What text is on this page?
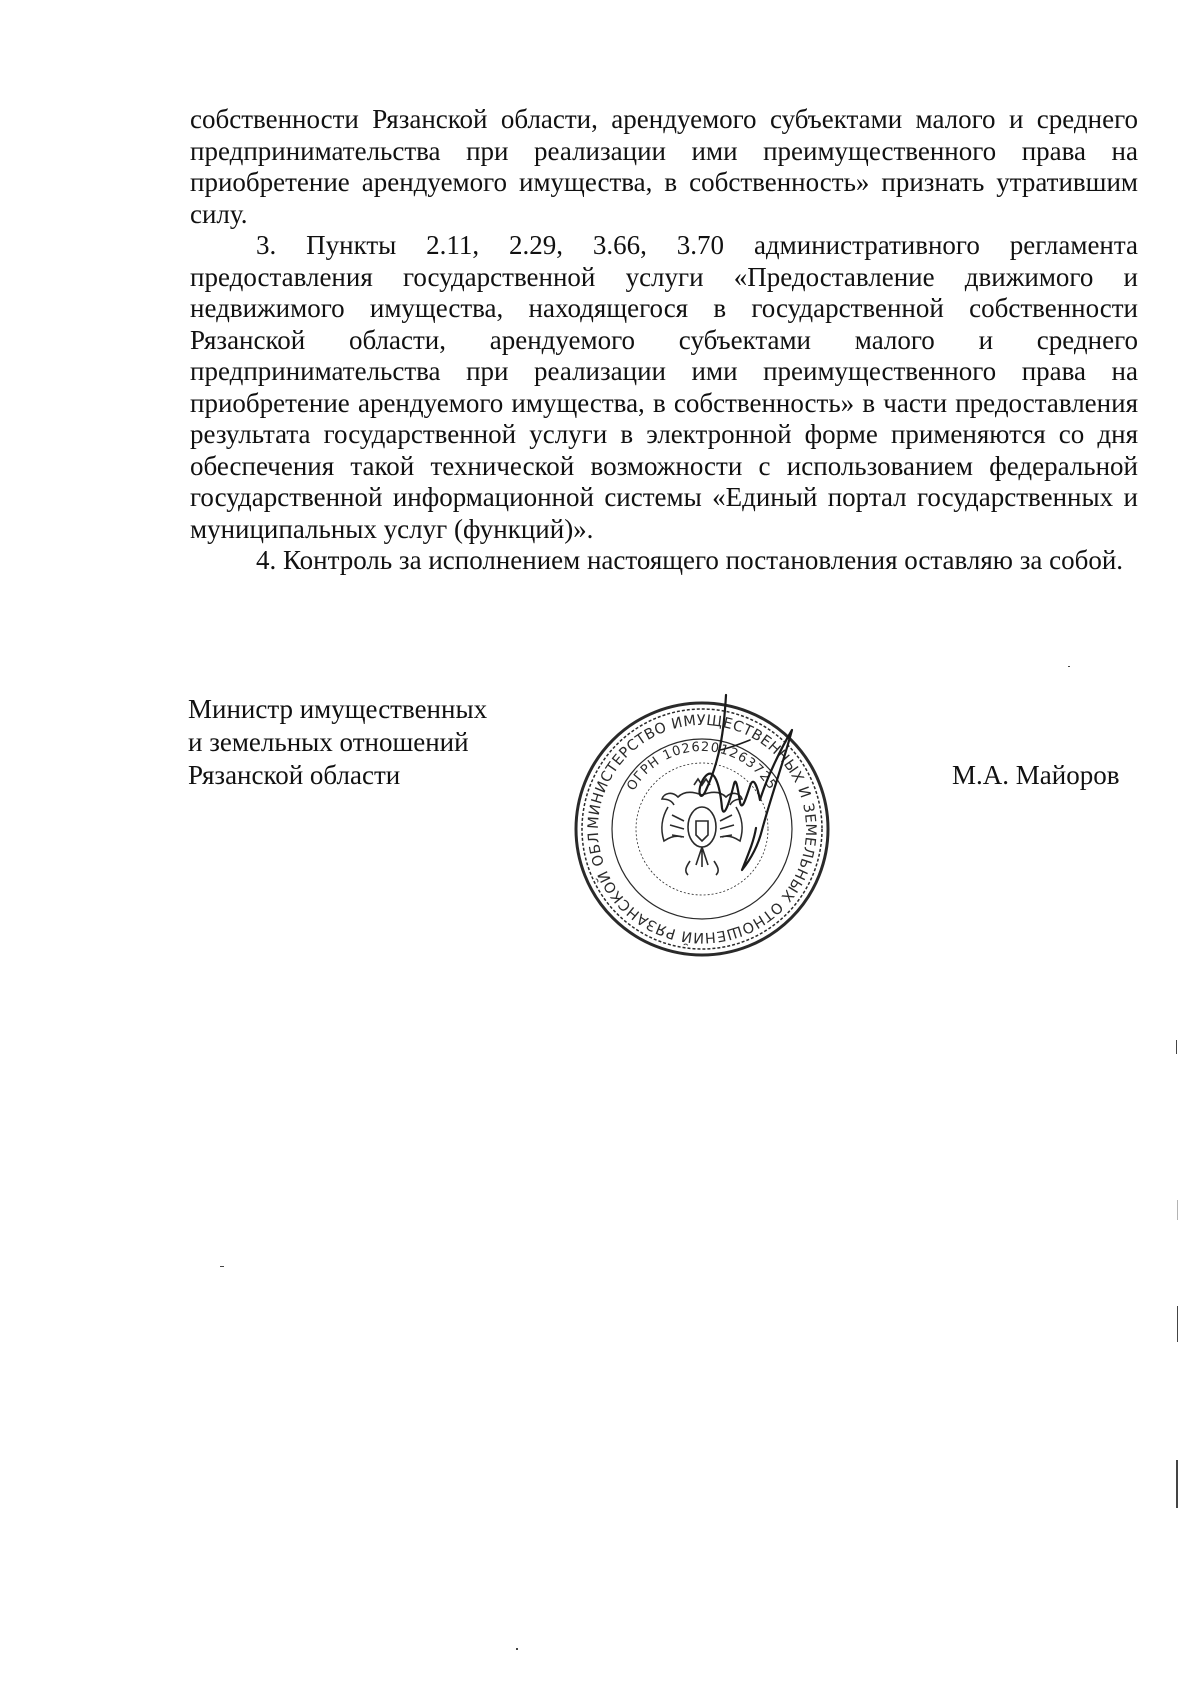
собственности Рязанской области, арендуемого субъектами малого и среднего предпринимательства при реализации ими преимущественного права на приобретение арендуемого имущества, в собственность» признать утратившим силу.

3. Пункты 2.11, 2.29, 3.66, 3.70 административного регламента предоставления государственной услуги «Предоставление движимого и недвижимого имущества, находящегося в государственной собственности Рязанской области, арендуемого субъектами малого и среднего предпринимательства при реализации ими преимущественного права на приобретение арендуемого имущества, в собственность» в части предоставления результата государственной услуги в электронной форме применяются со дня обеспечения такой технической возможности с использованием федеральной государственной информационной системы «Единый портал государственных и муниципальных услуг (функций)».

4. Контроль за исполнением настоящего постановления оставляю за собой.

Министр имущественных
и земельных отношений
Рязанской области	М.А. Майоров
МИНИСТЕРСТВО ИМУЩЕСТВЕННЫХ И ЗЕМЕЛЬНЫХ ОТНОШЕНИЙ РЯЗАНСКОЙ ОБЛ
ОГРН 1026201263725
